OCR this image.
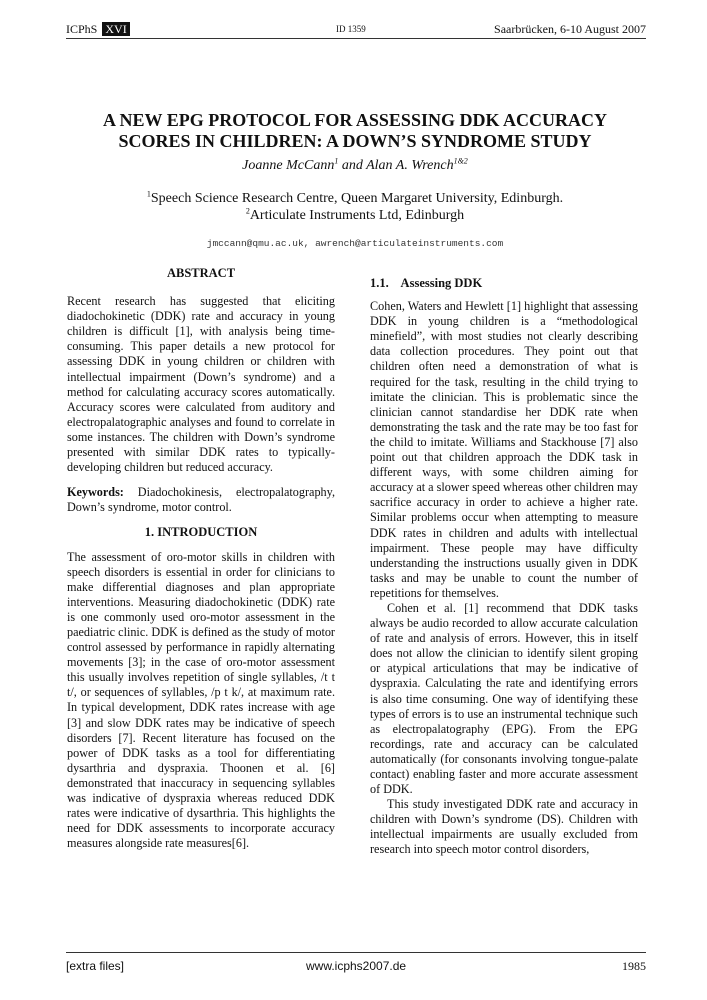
ICPhS XVI	ID 1359	Saarbrücken, 6-10 August 2007
A NEW EPG PROTOCOL FOR ASSESSING DDK ACCURACY
SCORES IN CHILDREN: A DOWN’S SYNDROME STUDY
Joanne McCann$^1$ and Alan A. Wrench$^{1\&2}$
$^1$Speech Science Research Centre, Queen Margaret University, Edinburgh.
$^2$Articulate Instruments Ltd, Edinburgh
jmccann@qmu.ac.uk, awrench@articulateinstruments.com
ABSTRACT

Recent research has suggested that eliciting diadochokinetic (DDK) rate and accuracy in young children is difficult [1], with analysis being time-consuming. This paper details a new protocol for assessing DDK in young children or children with intellectual impairment (Down’s syndrome) and a method for calculating accuracy scores automatically. Accuracy scores were calculated from auditory and electropalatographic analyses and found to correlate in some instances. The children with Down’s syndrome presented with similar DDK rates to typically-developing children but reduced accuracy.

Keywords: Diadochokinesis, electropalatography, Down’s syndrome, motor control.

1. INTRODUCTION

The assessment of oro-motor skills in children with speech disorders is essential in order for clinicians to make differential diagnoses and plan appropriate interventions. Measuring diadochokinetic (DDK) rate is one commonly used oro-motor assessment in the paediatric clinic. DDK is defined as the study of motor control assessed by performance in rapidly alternating movements [3]; in the case of oro-motor assessment this usually involves repetition of single syllables, /t t t/, or sequences of syllables, /p t k/, at maximum rate. In typical development, DDK rates increase with age [3] and slow DDK rates may be indicative of speech disorders [7]. Recent literature has focused on the power of DDK tasks as a tool for differentiating dysarthria and dyspraxia. Thoonen et al. [6] demonstrated that inaccuracy in sequencing syllables was indicative of dyspraxia whereas reduced DDK rates were indicative of dysarthria. This highlights the need for DDK assessments to incorporate accuracy measures alongside rate measures[6].

1.1.    Assessing DDK

Cohen, Waters and Hewlett [1] highlight that assessing DDK in young children is a “methodological minefield”, with most studies not clearly describing data collection procedures. They point out that children often need a demonstration of what is required for the task, resulting in the child trying to imitate the clinician. This is problematic since the clinician cannot standardise her DDK rate when demonstrating the task and the rate may be too fast for the child to imitate. Williams and Stackhouse [7] also point out that children approach the DDK task in different ways, with some children aiming for accuracy at a slower speed whereas other children may sacrifice accuracy in order to achieve a higher rate. Similar problems occur when attempting to measure DDK rates in children and adults with intellectual impairment. These people may have difficulty understanding the instructions usually given in DDK tasks and may be unable to count the number of repetitions for themselves.

Cohen et al. [1] recommend that DDK tasks always be audio recorded to allow accurate calculation of rate and analysis of errors. However, this in itself does not allow the clinician to identify silent groping or atypical articulations that may be indicative of dyspraxia. Calculating the rate and identifying errors is also time consuming. One way of identifying these types of errors is to use an instrumental technique such as electropalatography (EPG). From the EPG recordings, rate and accuracy can be calculated automatically (for consonants involving tongue-palate contact) enabling faster and more accurate assessment of DDK.

This study investigated DDK rate and accuracy in children with Down’s syndrome (DS). Children with intellectual impairments are usually excluded from research into speech motor control disorders,

[extra files]	www.icphs2007.de	1985
